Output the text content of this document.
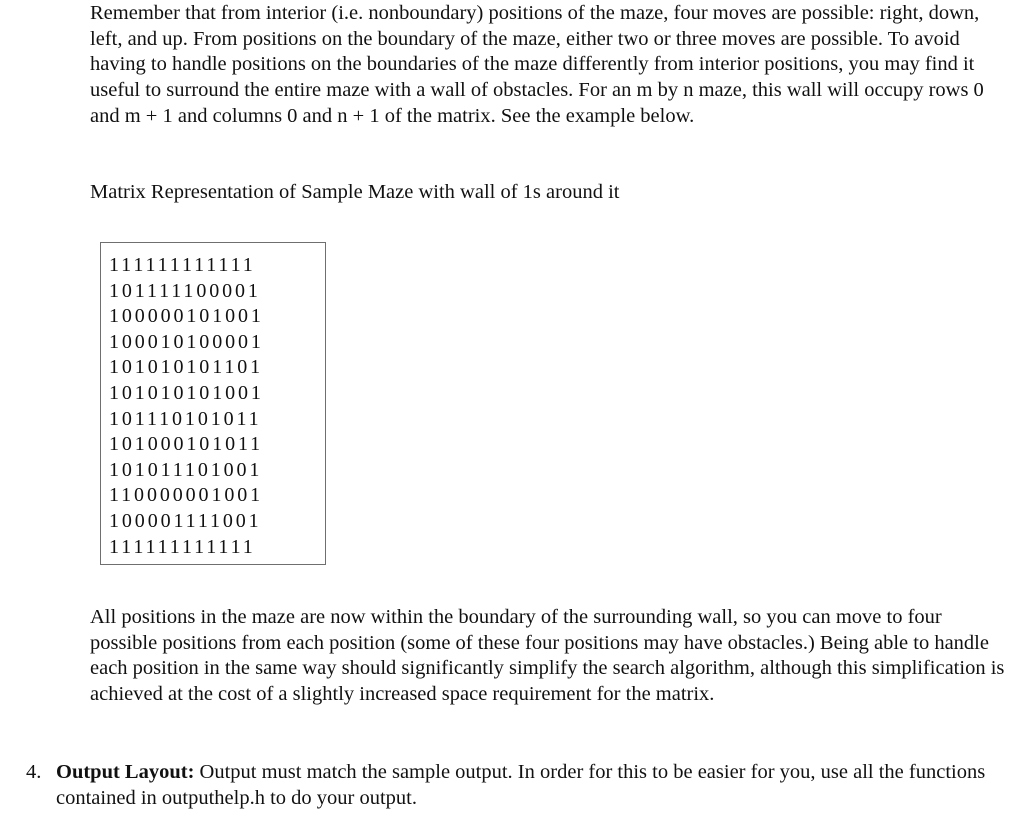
Remember that from interior (i.e. nonboundary) positions of the maze, four moves are possible: right, down, left, and up. From positions on the boundary of the maze, either two or three moves are possible. To avoid having to handle positions on the boundaries of the maze differently from interior positions, you may find it useful to surround the entire maze with a wall of obstacles. For an m by n maze, this wall will occupy rows 0 and m + 1 and columns 0 and n + 1 of the matrix. See the example below.

Matrix Representation of Sample Maze with wall of 1s around it

111111111111
101111100001
100000101001
100010100001
101010101101
101010101001
101110101011
101000101011
101011101001
110000001001
100001111001
111111111111

All positions in the maze are now within the boundary of the surrounding wall, so you can move to four possible positions from each position (some of these four positions may have obstacles.) Being able to handle each position in the same way should significantly simplify the search algorithm, although this simplification is achieved at the cost of a slightly increased space requirement for the matrix.

4. Output Layout: Output must match the sample output. In order for this to be easier for you, use all the functions contained in outputhelp.h to do your output.
